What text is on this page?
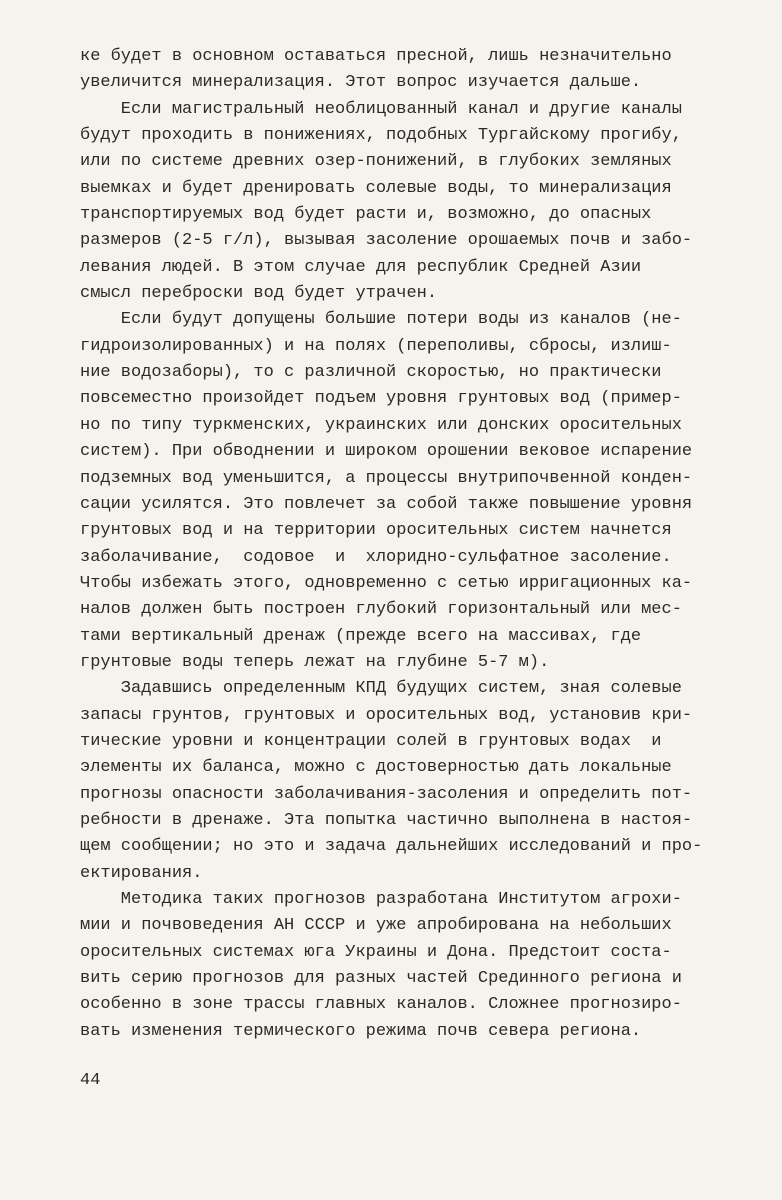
ке будет в основном оставаться пресной, лишь незначительно
увеличится минерализация. Этот вопрос изучается дальше.
Если магистральный необлицованный канал и другие каналы
будут проходить в понижениях, подобных Тургайскому прогибу,
или по системе древних озер-понижений, в глубоких земляных
выемках и будет дренировать солевые воды, то минерализация
транспортируемых вод будет расти и, возможно, до опасных
размеров (2-5 г/л), вызывая засоление орошаемых почв и забо-
левания людей. В этом случае для республик Средней Азии
смысл переброски вод будет утрачен.
Если будут допущены большие потери воды из каналов (не-
гидроизолированных) и на полях (переполивы, сбросы, излиш-
ние водозаборы), то с различной скоростью, но практически
повсеместно произойдет подъем уровня грунтовых вод (пример-
но по типу туркменских, украинских или донских оросительных
систем). При обводнении и широком орошении вековое испарение
подземных вод уменьшится, а процессы внутрипочвенной конден-
сации усилятся. Это повлечет за собой также повышение уровня
грунтовых вод и на территории оросительных систем начнется
заболачивание,  содовое  и  хлоридно-сульфатное засоление.
Чтобы избежать этого, одновременно с сетью ирригационных ка-
налов должен быть построен глубокий горизонтальный или мес-
тами вертикальный дренаж (прежде всего на массивах, где
грунтовые воды теперь лежат на глубине 5-7 м).
Задавшись определенным КПД будущих систем, зная солевые
запасы грунтов, грунтовых и оросительных вод, установив кри-
тические уровни и концентрации солей в грунтовых водах  и
элементы их баланса, можно с достоверностью дать локальные
прогнозы опасности заболачивания-засоления и определить пот-
ребности в дренаже. Эта попытка частично выполнена в настоя-
щем сообщении; но это и задача дальнейших исследований и про-
ектирования.
Методика таких прогнозов разработана Институтом агрохи-
мии и почвоведения АН СССР и уже апробирована на небольших
оросительных системах юга Украины и Дона. Предстоит соста-
вить серию прогнозов для разных частей Срединного региона и
особенно в зоне трассы главных каналов. Сложнее прогнозиро-
вать изменения термического режима почв севера региона.
44
